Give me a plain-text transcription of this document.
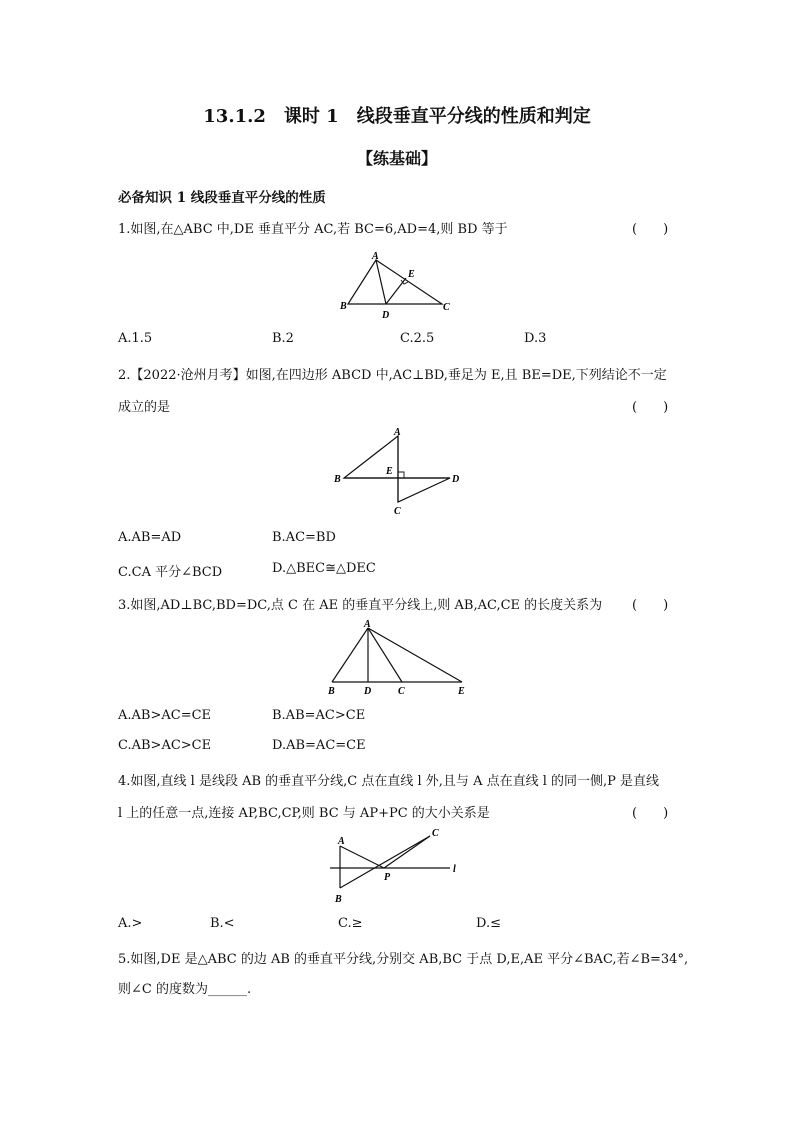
13.1.2　课时 1　线段垂直平分线的性质和判定
【练基础】
必备知识 1 线段垂直平分线的性质
1.如图,在△ABC 中,DE 垂直平分 AC,若 BC=6,AD=4,则 BD 等于	(　　)
A
E
B
D
C
A.1.5	B.2	C.2.5	D.3
2.【2022·沧州月考】如图,在四边形 ABCD 中,AC⊥BD,垂足为 E,且 BE=DE,下列结论不一定
成立的是	(　　)
A
B
E
D
C
A.AB=AD	B.AC=BD
C.CA 平分∠BCD	D.△BEC≅△DEC
3.如图,AD⊥BC,BD=DC,点 C 在 AE 的垂直平分线上,则 AB,AC,CE 的长度关系为 (　　)
A
B	D	C	E
A.AB>AC=CE	B.AB=AC>CE
C.AB>AC>CE	D.AB=AC=CE
4.如图,直线 l 是线段 AB 的垂直平分线,C 点在直线 l 外,且与 A 点在直线 l 的同一侧,P 是直线
l 上的任意一点,连接 AP,BC,CP,则 BC 与 AP+PC 的大小关系是	(　　)
A
C
l
P
B
A.>	B.<	C.≥	D.≤
5.如图,DE 是△ABC 的边 AB 的垂直平分线,分别交 AB,BC 于点 D,E,AE 平分∠BAC,若∠B=34°,
则∠C 的度数为______.
